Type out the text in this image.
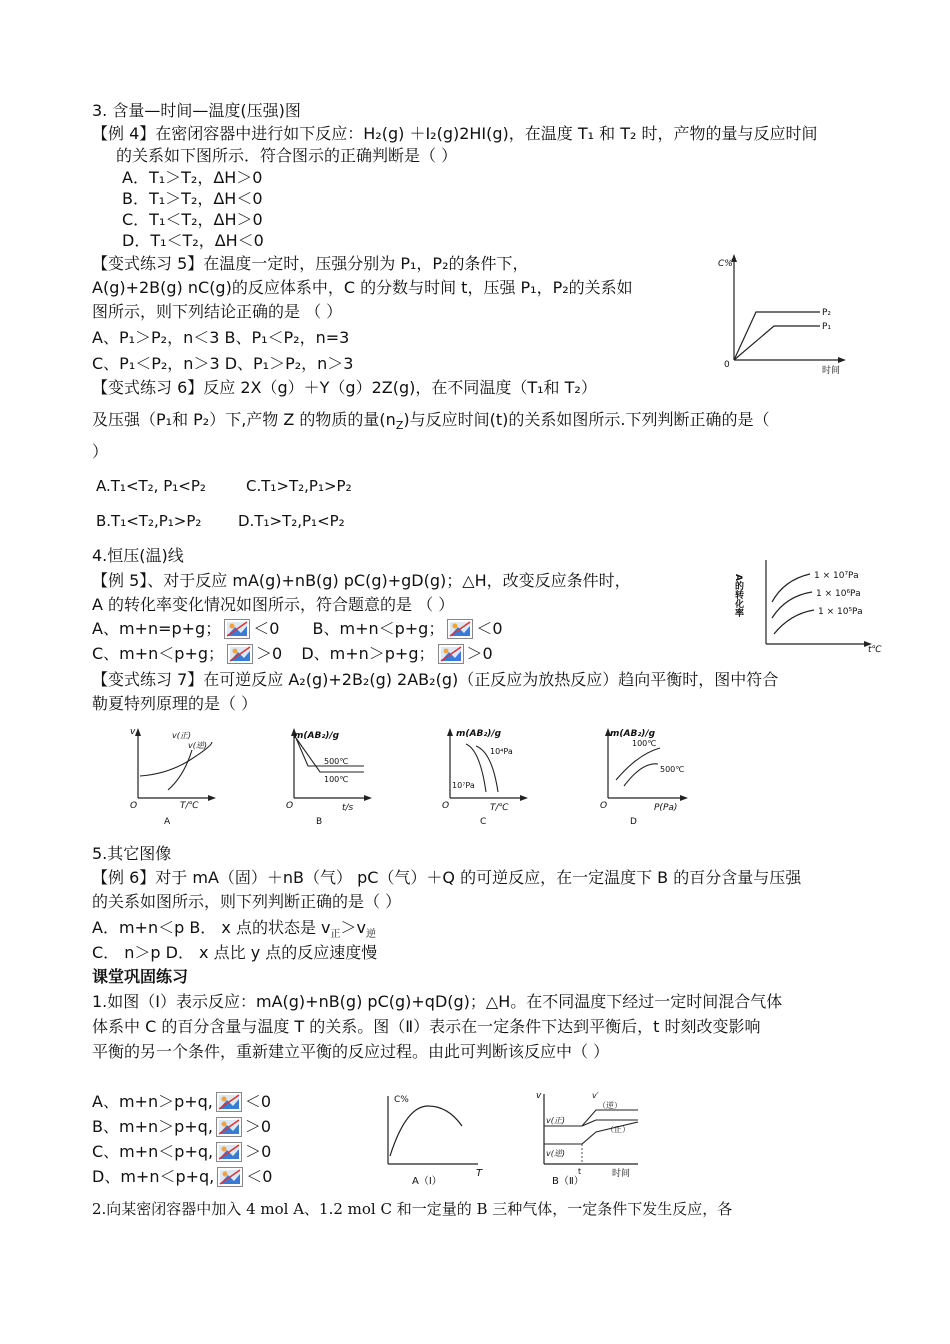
3. 含量—时间—温度(压强)图
【例 4】在密闭容器中进行如下反应：H₂(g) ＋I₂(g)2HI(g)，在温度 T₁ 和 T₂ 时，产物的量与反应时间
的关系如下图所示．符合图示的正确判断是（ ）
A．T₁＞T₂，ΔH＞0
B．T₁＞T₂，ΔH＜0
C．T₁＜T₂，ΔH＞0
D．T₁＜T₂，ΔH＜0
【变式练习 5】在温度一定时，压强分别为 P₁，P₂的条件下，
A(g)+2B(g) nC(g)的反应体系中，C 的分数与时间 t，压强 P₁，P₂的关系如
图所示，则下列结论正确的是 （ ）
A、P₁＞P₂，n＜3 B、P₁＜P₂，n=3
C、P₁＜P₂，n＞3 D、P₁＞P₂，n＞3
C%
0
时间
P₂
P₁
【变式练习 6】反应 2X（g）＋Y（g）2Z(g)，在不同温度（T₁和 T₂）
及压强（P₁和 P₂）下,产物 Z 的物质的量$(n_Z)$与反应时间(t)的关系如图所示.下列判断正确的是（
）
A.T₁<T₂, P₁<P₂	C.T₁>T₂,P₁>P₂
B.T₁<T₂,P₁>P₂ D.T₁>T₂,P₁<P₂
4.恒压(温)线
【例 5】、对于反应 mA(g)+nB(g) pC(g)+gD(g)；△H，改变反应条件时，
A 的转化率变化情况如图所示，符合题意的是 （ ）
A、m+n=p+g； ＜0 B、m+n＜p+g； ＜0
C、m+n＜p+g； ＞0 D、m+n＞p+g； ＞0
1 × 10⁷Pa
1 × 10⁶Pa
1 × 10⁵Pa
t℃
A的转化率
【变式练习 7】在可逆反应 A₂(g)+2B₂(g) 2AB₂(g)（正反应为放热反应）趋向平衡时，图中符合
勒夏特列原理的是（ ）
v	v(正)
v(逆)
O	T/℃
A
m(AB₂)/g
500℃
100℃
O	t/s
B
m(AB₂)/g
10⁴Pa
10⁷Pa
O	T/℃
C
m(AB₂)/g
100℃
500℃
O	P(Pa)
D
5.其它图像
【例 6】对于 mA（固）＋nB（气） pC（气）＋Q 的可逆反应，在一定温度下 B 的百分含量与压强
的关系如图所示，则下列判断正确的是（ ）
A．m+n＜p B． x 点的状态是 $v_正>v_逆$
C． n＞p D． x 点比 y 点的反应速度慢
课堂巩固练习
1.如图（Ⅰ）表示反应：mA(g)+nB(g) pC(g)+qD(g)；△H。在不同温度下经过一定时间混合气体
体系中 C 的百分含量与温度 T 的关系。图（Ⅱ）表示在一定条件下达到平衡后，t 时刻改变影响
平衡的另一个条件，重新建立平衡的反应过程。由此可判断该反应中（ ）
A、m+n＞p+q, ＜0
B、m+n＞p+q, ＞0
C、m+n＜p+q, ＞0
D、m+n＜p+q, ＜0
C%
T
A（Ⅰ）
v	v′
（逆）
v(正)
（正）
v(逆)
t	时间
B（Ⅱ）
2.向某密闭容器中加入 4 mol A、1.2 mol C 和一定量的 B 三种气体，一定条件下发生反应，各
